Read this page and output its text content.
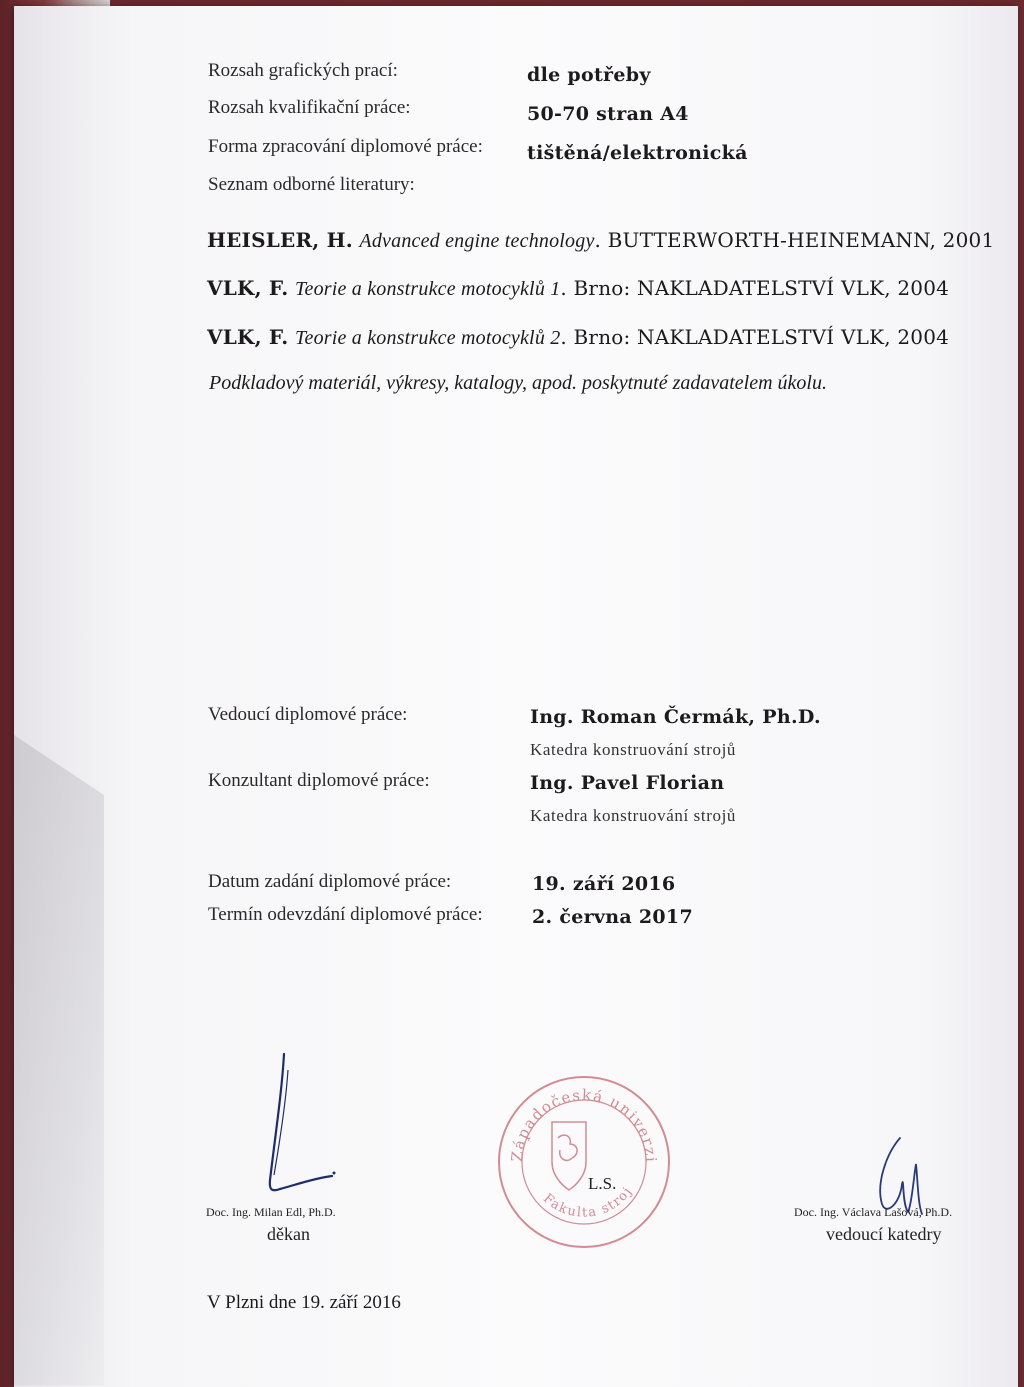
Rozsah grafických prací:	dle potřeby
Rozsah kvalifikační práce:	50-70 stran A4
Forma zpracování diplomové práce: tištěná/elektronická
Seznam odborné literatury:
HEISLER, H. Advanced engine technology. BUTTERWORTH-HEINEMANN, 2001
VLK, F. Teorie a konstrukce motocyklů 1. Brno: NAKLADATELSTVÍ VLK, 2004
VLK, F. Teorie a konstrukce motocyklů 2. Brno: NAKLADATELSTVÍ VLK, 2004
Podkladový materiál, výkresy, katalogy, apod. poskytnuté zadavatelem úkolu.
Vedoucí diplomové práce:	Ing. Roman Čermák, Ph.D.
Katedra konstruování strojů
Konzultant diplomové práce:	Ing. Pavel Florian
Katedra konstruování strojů
Datum zadání diplomové práce:	19. září 2016
Termín odevzdání diplomové práce:	2. června 2017
Doc. Ing. Milan Edl, Ph.D.
děkan
Západočeská univerzi
Fakulta stroj
L.S.
Doc. Ing. Václava Lašová, Ph.D.
vedoucí katedry
V Plzni dne 19. září 2016
